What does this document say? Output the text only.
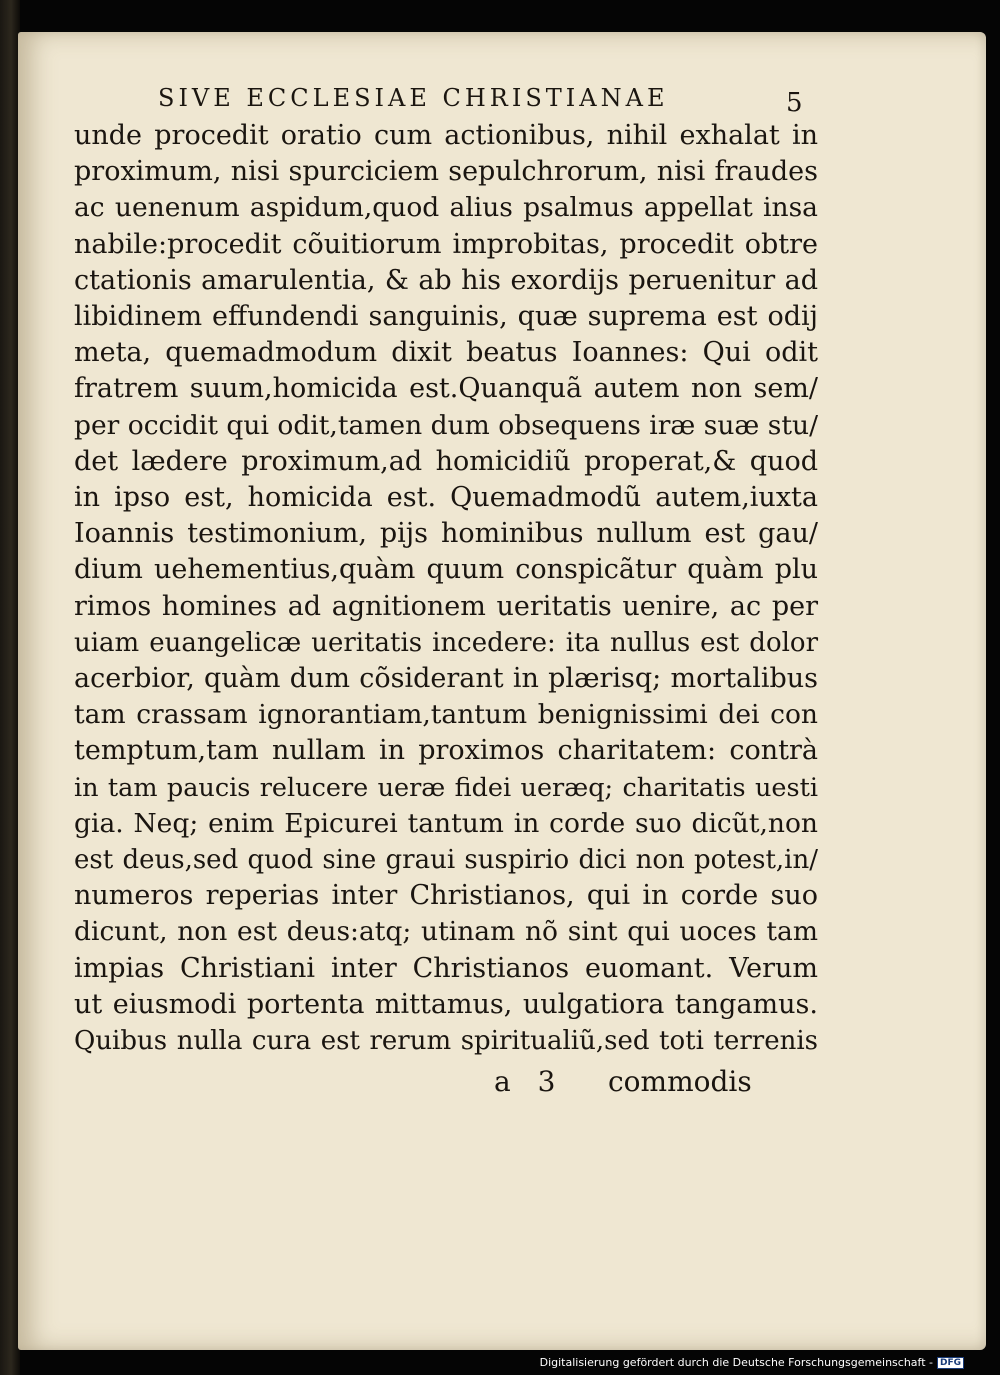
SIVE ECCLESIAE CHRISTIANAE	5
unde procedit oratio cum actionibus, nihil exhalat in
proximum, nisi spurciciem sepulchrorum, nisi fraudes
ac uenenum aspidum,quod alius psalmus appellat insa
nabile:procedit cõuitiorum improbitas, procedit obtre
ctationis amarulentia, & ab his exordijs peruenitur ad
libidinem effundendi sanguinis, quæ suprema est odij
meta, quemadmodum dixit beatus Ioannes: Qui odit
fratrem suum,homicida est.Quanquã autem non sem/
per occidit qui odit,tamen dum obsequens iræ suæ stu/
det lædere proximum,ad homicidiũ properat,& quod
in ipso est, homicida est. Quemadmodũ autem,iuxta
Ioannis testimonium, pijs hominibus nullum est gau/
dium uehementius,quàm quum conspicãtur quàm plu
rimos homines ad agnitionem ueritatis uenire, ac per
uiam euangelicæ ueritatis incedere: ita nullus est dolor
acerbior, quàm dum cõsiderant in plærisq; mortalibus
tam crassam ignorantiam,tantum benignissimi dei con
temptum,tam nullam in proximos charitatem: contrà
in tam paucis relucere ueræ fidei ueræq; charitatis uesti
gia. Neq; enim Epicurei tantum in corde suo dicũt,non
est deus,sed quod sine graui suspirio dici non potest,in/
numeros reperias inter Christianos, qui in corde suo
dicunt, non est deus:atq; utinam nõ sint qui uoces tam
impias Christiani inter Christianos euomant. Verum
ut eiusmodi portenta mittamus, uulgatiora tangamus.
Quibus nulla cura est rerum spiritualiũ,sed toti terrenis
a 3 commodis
Digitalisierung gefördert durch die Deutsche Forschungsgemeinschaft - DFG
